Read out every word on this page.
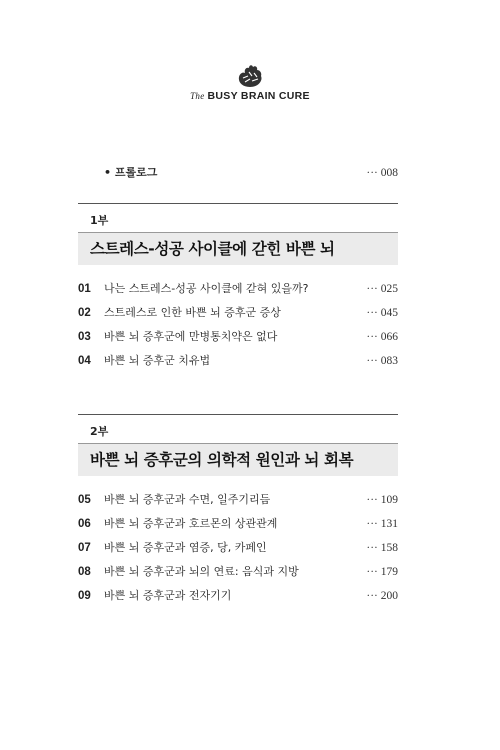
The BUSY BRAIN CURE
• 프롤로그	··· 008
1부
스트레스-성공 사이클에 갇힌 바쁜 뇌
01	나는 스트레스-성공 사이클에 갇혀 있을까?	··· 025
02	스트레스로 인한 바쁜 뇌 증후군 증상	··· 045
03	바쁜 뇌 증후군에 만병통치약은 없다	··· 066
04	바쁜 뇌 증후군 치유법	··· 083
2부
바쁜 뇌 증후군의 의학적 원인과 뇌 회복
05	바쁜 뇌 증후군과 수면, 일주기리듬	··· 109
06	바쁜 뇌 증후군과 호르몬의 상관관계	··· 131
07	바쁜 뇌 증후군과 염증, 당, 카페인	··· 158
08	바쁜 뇌 증후군과 뇌의 연료: 음식과 지방	··· 179
09	바쁜 뇌 증후군과 전자기기	··· 200
